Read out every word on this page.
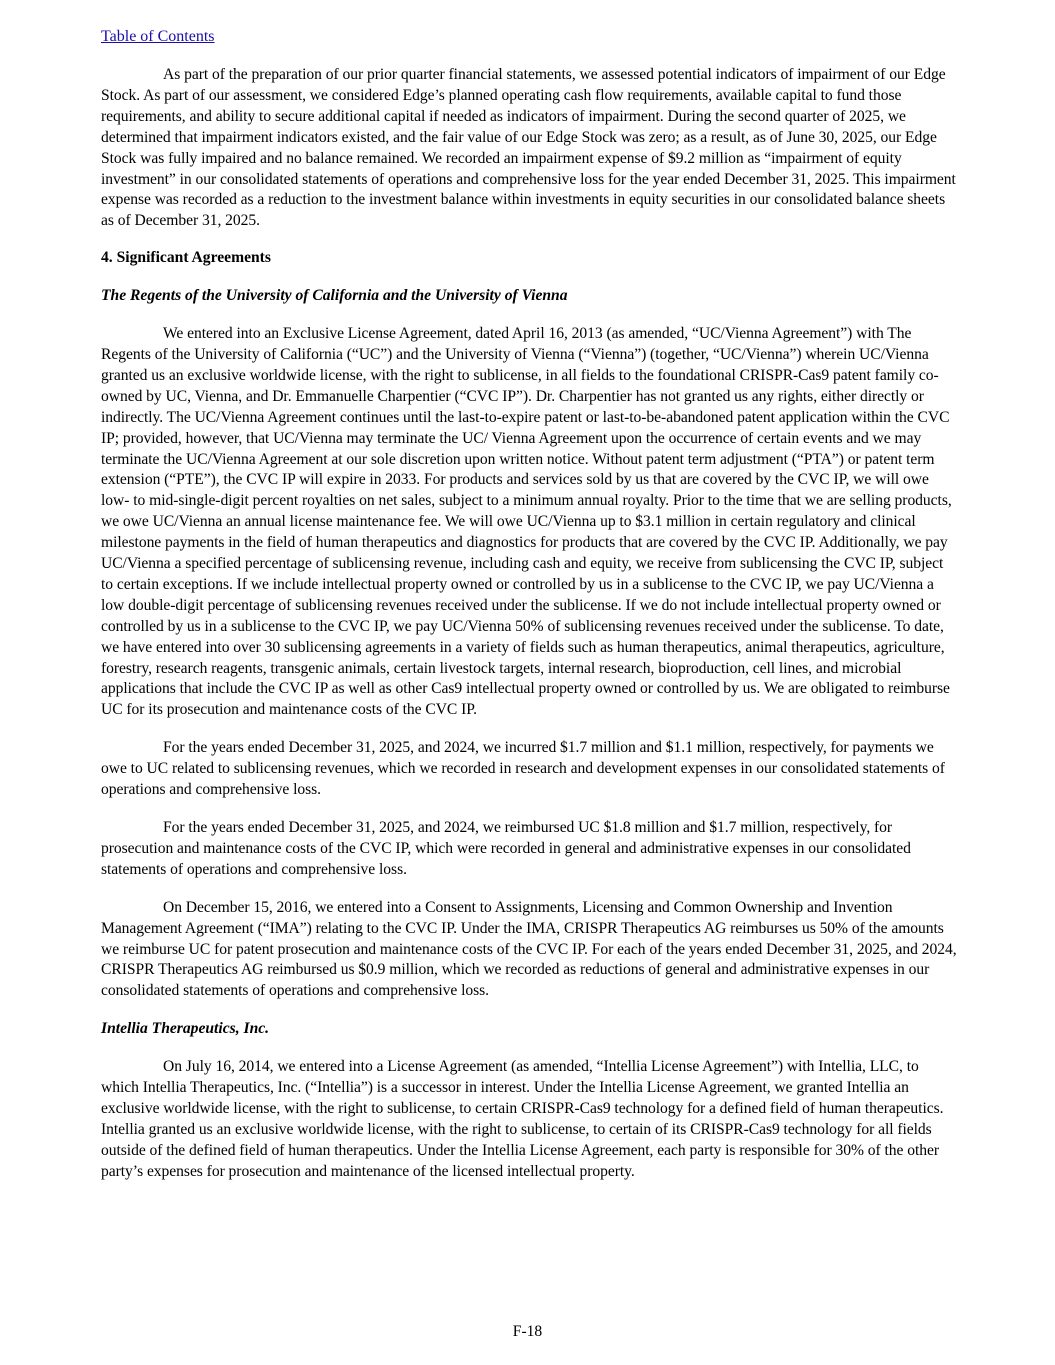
Table of Contents

As part of the preparation of our prior quarter financial statements, we assessed potential indicators of impairment of our Edge Stock. As part of our assessment, we considered Edge’s planned operating cash flow requirements, available capital to fund those requirements, and ability to secure additional capital if needed as indicators of impairment. During the second quarter of 2025, we determined that impairment indicators existed, and the fair value of our Edge Stock was zero; as a result, as of June 30, 2025, our Edge Stock was fully impaired and no balance remained. We recorded an impairment expense of $9.2 million as “impairment of equity investment” in our consolidated statements of operations and comprehensive loss for the year ended December 31, 2025. This impairment expense was recorded as a reduction to the investment balance within investments in equity securities in our consolidated balance sheets as of December 31, 2025.

4. Significant Agreements

The Regents of the University of California and the University of Vienna

We entered into an Exclusive License Agreement, dated April 16, 2013 (as amended, “UC/Vienna Agreement”) with The Regents of the University of California (“UC”) and the University of Vienna (“Vienna”) (together, “UC/Vienna”) wherein UC/Vienna granted us an exclusive worldwide license, with the right to sublicense, in all fields to the foundational CRISPR-Cas9 patent family co-owned by UC, Vienna, and Dr. Emmanuelle Charpentier (“CVC IP”). Dr. Charpentier has not granted us any rights, either directly or indirectly. The UC/Vienna Agreement continues until the last-to-expire patent or last-to-be-abandoned patent application within the CVC IP; provided, however, that UC/Vienna may terminate the UC/ Vienna Agreement upon the occurrence of certain events and we may terminate the UC/Vienna Agreement at our sole discretion upon written notice. Without patent term adjustment (“PTA”) or patent term extension (“PTE”), the CVC IP will expire in 2033. For products and services sold by us that are covered by the CVC IP, we will owe low- to mid-single-digit percent royalties on net sales, subject to a minimum annual royalty. Prior to the time that we are selling products, we owe UC/Vienna an annual license maintenance fee. We will owe UC/Vienna up to $3.1 million in certain regulatory and clinical milestone payments in the field of human therapeutics and diagnostics for products that are covered by the CVC IP. Additionally, we pay UC/Vienna a specified percentage of sublicensing revenue, including cash and equity, we receive from sublicensing the CVC IP, subject to certain exceptions. If we include intellectual property owned or controlled by us in a sublicense to the CVC IP, we pay UC/Vienna a low double-digit percentage of sublicensing revenues received under the sublicense. If we do not include intellectual property owned or controlled by us in a sublicense to the CVC IP, we pay UC/Vienna 50% of sublicensing revenues received under the sublicense. To date, we have entered into over 30 sublicensing agreements in a variety of fields such as human therapeutics, animal therapeutics, agriculture, forestry, research reagents, transgenic animals, certain livestock targets, internal research, bioproduction, cell lines, and microbial applications that include the CVC IP as well as other Cas9 intellectual property owned or controlled by us. We are obligated to reimburse UC for its prosecution and maintenance costs of the CVC IP.

For the years ended December 31, 2025, and 2024, we incurred $1.7 million and $1.1 million, respectively, for payments we owe to UC related to sublicensing revenues, which we recorded in research and development expenses in our consolidated statements of operations and comprehensive loss.

For the years ended December 31, 2025, and 2024, we reimbursed UC $1.8 million and $1.7 million, respectively, for prosecution and maintenance costs of the CVC IP, which were recorded in general and administrative expenses in our consolidated statements of operations and comprehensive loss.

On December 15, 2016, we entered into a Consent to Assignments, Licensing and Common Ownership and Invention Management Agreement (“IMA”) relating to the CVC IP. Under the IMA, CRISPR Therapeutics AG reimburses us 50% of the amounts we reimburse UC for patent prosecution and maintenance costs of the CVC IP. For each of the years ended December 31, 2025, and 2024, CRISPR Therapeutics AG reimbursed us $0.9 million, which we recorded as reductions of general and administrative expenses in our consolidated statements of operations and comprehensive loss.

Intellia Therapeutics, Inc.

On July 16, 2014, we entered into a License Agreement (as amended, “Intellia License Agreement”) with Intellia, LLC, to which Intellia Therapeutics, Inc. (“Intellia”) is a successor in interest. Under the Intellia License Agreement, we granted Intellia an exclusive worldwide license, with the right to sublicense, to certain CRISPR-Cas9 technology for a defined field of human therapeutics. Intellia granted us an exclusive worldwide license, with the right to sublicense, to certain of its CRISPR-Cas9 technology for all fields outside of the defined field of human therapeutics. Under the Intellia License Agreement, each party is responsible for 30% of the other party’s expenses for prosecution and maintenance of the licensed intellectual property.

F-18
